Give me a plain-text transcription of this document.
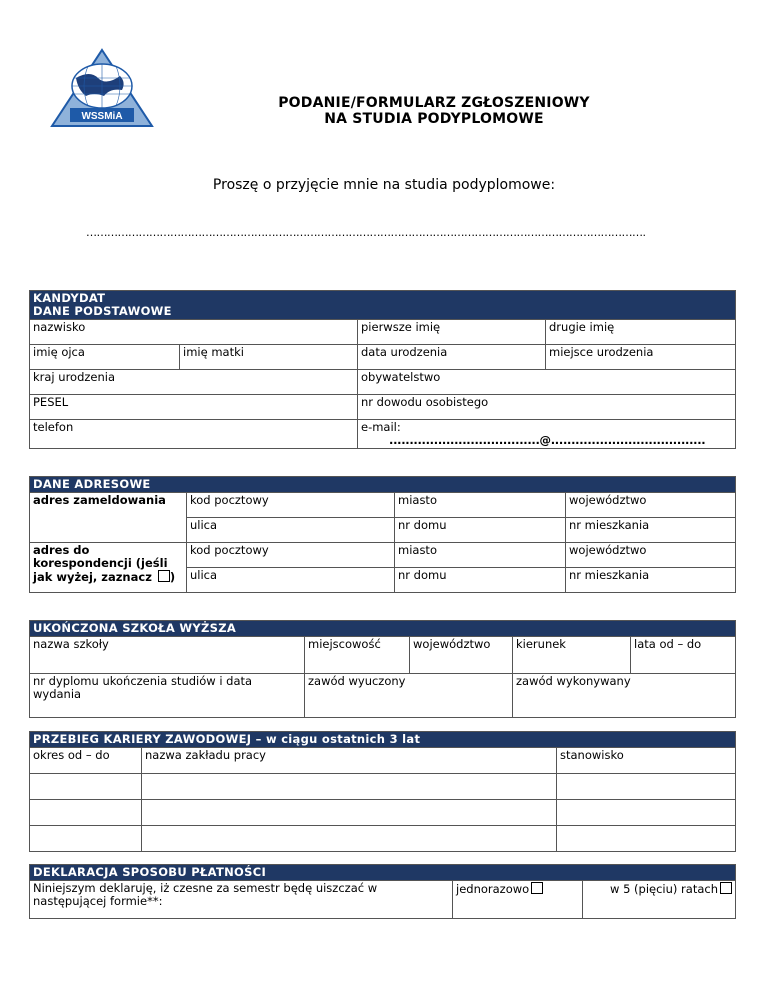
WSSMiA
PODANIE/FORMULARZ ZGŁOSZENIOWY
NA STUDIA PODYPLOMOWE
Proszę o przyjęcie mnie na studia podyplomowe:
…………………………………………………………………………………………………………………………………………….
KANDYDAT
DANE PODSTAWOWE			

nazwisko		pierwsze imię	drugie imię
imię ojca	imię matki	data urodzenia	miejsce urodzenia
kraj urodzenia		obywatelstwo	
PESEL		nr dowodu osobistego	
telefon		e-mail:
.....................................@......................................	
DANE ADRESOWE			
adres zameldowania	kod pocztowy	miasto	województwo
	ulica	nr domu	nr mieszkania
adres do korespondencji (jeśli jak wyżej, zaznacz )	kod pocztowy	miasto	województwo
	ulica	nr domu	nr mieszkania
UKOŃCZONA SZKOŁA WYŻSZA				
nazwa szkoły	miejscowość	województwo	kierunek	lata od – do
nr dyplomu ukończenia studiów i data wydania	zawód wyuczony		zawód wykonywany	
PRZEBIEG KARIERY ZAWODOWEJ – w ciągu ostatnich 3 lat		
okres od – do	nazwa zakładu pracy	stanowisko

DEKLARACJA SPOSOBU PŁATNOŚCI
Niniejszym deklaruję, iż czesne za semestr będę uiszczać w następującej formie**:	jednorazowo	w 5 (pięciu) ratach
